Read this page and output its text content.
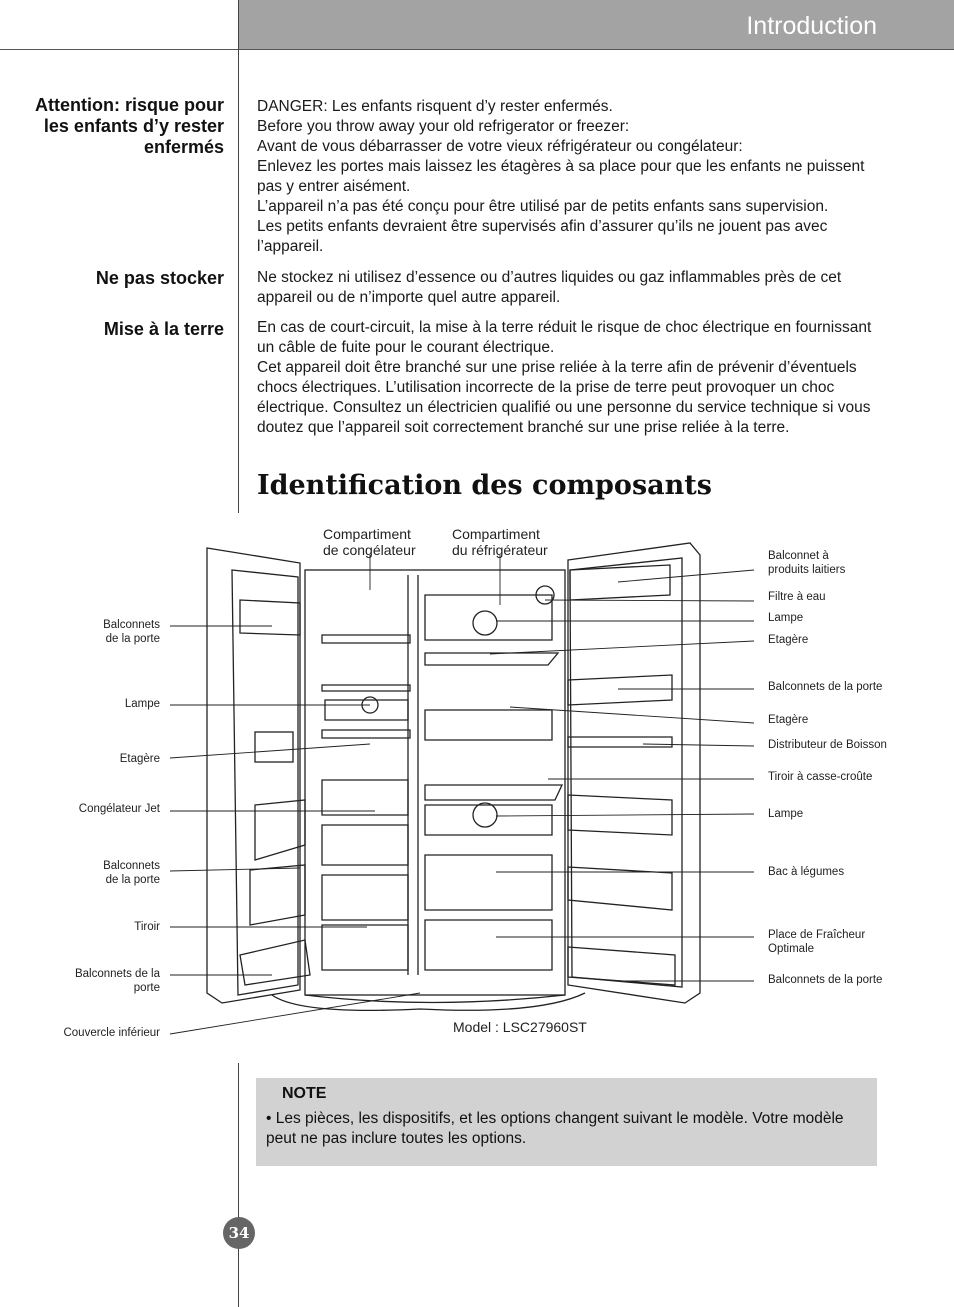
Introduction
Attention: risque pour les enfants d’y rester enfermés
Ne pas stocker
Mise à la terre

DANGER: Les enfants risquent d’y rester enfermés.

Before you throw away your old refrigerator or freezer:

Avant de vous débarrasser de votre vieux réfrigérateur ou congélateur:

Enlevez les portes mais laissez les étagères à sa place pour que les enfants ne puissent pas y entrer aisément.

L’appareil n’a pas été conçu pour être utilisé par de petits enfants sans supervision.

Les petits enfants devraient être supervisés afin d’assurer qu’ils ne jouent pas avec l’appareil.

Ne stockez ni utilisez d’essence ou d’autres liquides ou gaz inflammables près de cet appareil ou de n’importe quel autre appareil.

En cas de court-circuit, la mise à la terre réduit le risque de choc électrique en fournissant un câble de fuite pour le courant électrique.

Cet appareil doit être branché sur une prise reliée à la terre afin de prévenir d’éventuels chocs électriques. L’utilisation incorrecte de la prise de terre peut provoquer un choc électrique. Consultez un électricien qualifié ou une personne du service technique si vous doutez que l’appareil soit correctement branché sur une prise reliée à la terre.

Identification des composants
Compartiment
de congélateur
Compartiment
du réfrigérateur
Balconnets
de la porte
Lampe
Etagère
Congélateur Jet
Balconnets
de la porte
Tiroir
Balconnets de la
porte
Couvercle inférieur
Balconnet à
produits laitiers
Filtre à eau
Lampe
Etagère
Balconnets de la porte
Etagère
Distributeur de Boisson
Tiroir à casse-croûte
Lampe
Bac à légumes
Place de Fraîcheur
Optimale
Balconnets de la porte
Model : LSC27960ST
NOTE
• Les pièces, les dispositifs, et les options changent suivant le modèle. Votre modèle peut ne pas inclure toutes les options.
34
